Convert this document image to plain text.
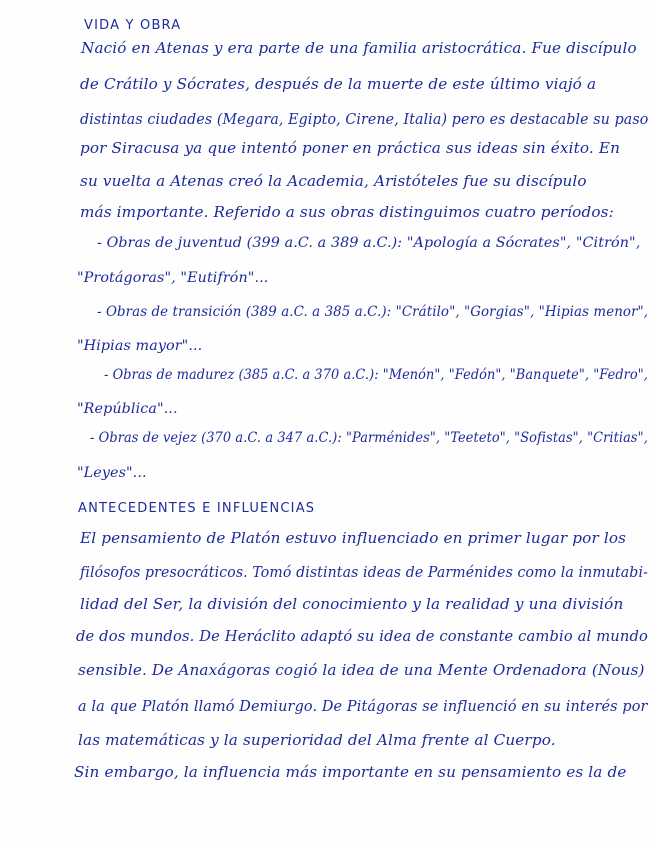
VIDA Y OBRA
Nació en Atenas y era parte de una familia aristocrática. Fue discípulo
de Crátilo y Sócrates, después de la muerte de este último viajó a
distintas ciudades (Megara, Egipto, Cirene, Italia) pero es destacable su paso
por Siracusa ya que intentó poner en práctica sus ideas sin éxito. En
su vuelta a Atenas creó la Academia, Aristóteles fue su discípulo
más importante. Referido a sus obras distinguimos cuatro períodos:
- Obras de juventud (399 a.C. a 389 a.C.): "Apología a Sócrates", "Citrón",
"Protágoras", "Eutifrón"...
- Obras de transición (389 a.C. a 385 a.C.): "Crátilo", "Gorgias", "Hipias menor",
"Hipias mayor"...
- Obras de madurez (385 a.C. a 370 a.C.): "Menón", "Fedón", "Banquete", "Fedro",
"República"...
- Obras de vejez (370 a.C. a 347 a.C.): "Parménides", "Teeteto", "Sofistas", "Critias",
"Leyes"...
ANTECEDENTES E INFLUENCIAS
El pensamiento de Platón estuvo influenciado en primer lugar por los
filósofos presocráticos. Tomó distintas ideas de Parménides como la inmutabi-
lidad del Ser, la división del conocimiento y la realidad y una división
de dos mundos. De Heráclito adaptó su idea de constante cambio al mundo
sensible. De Anaxágoras cogió la idea de una Mente Ordenadora (Nous)
a la que Platón llamó Demiurgo. De Pitágoras se influenció en su interés por
las matemáticas y la superioridad del Alma frente al Cuerpo.
Sin embargo, la influencia más importante en su pensamiento es la de
